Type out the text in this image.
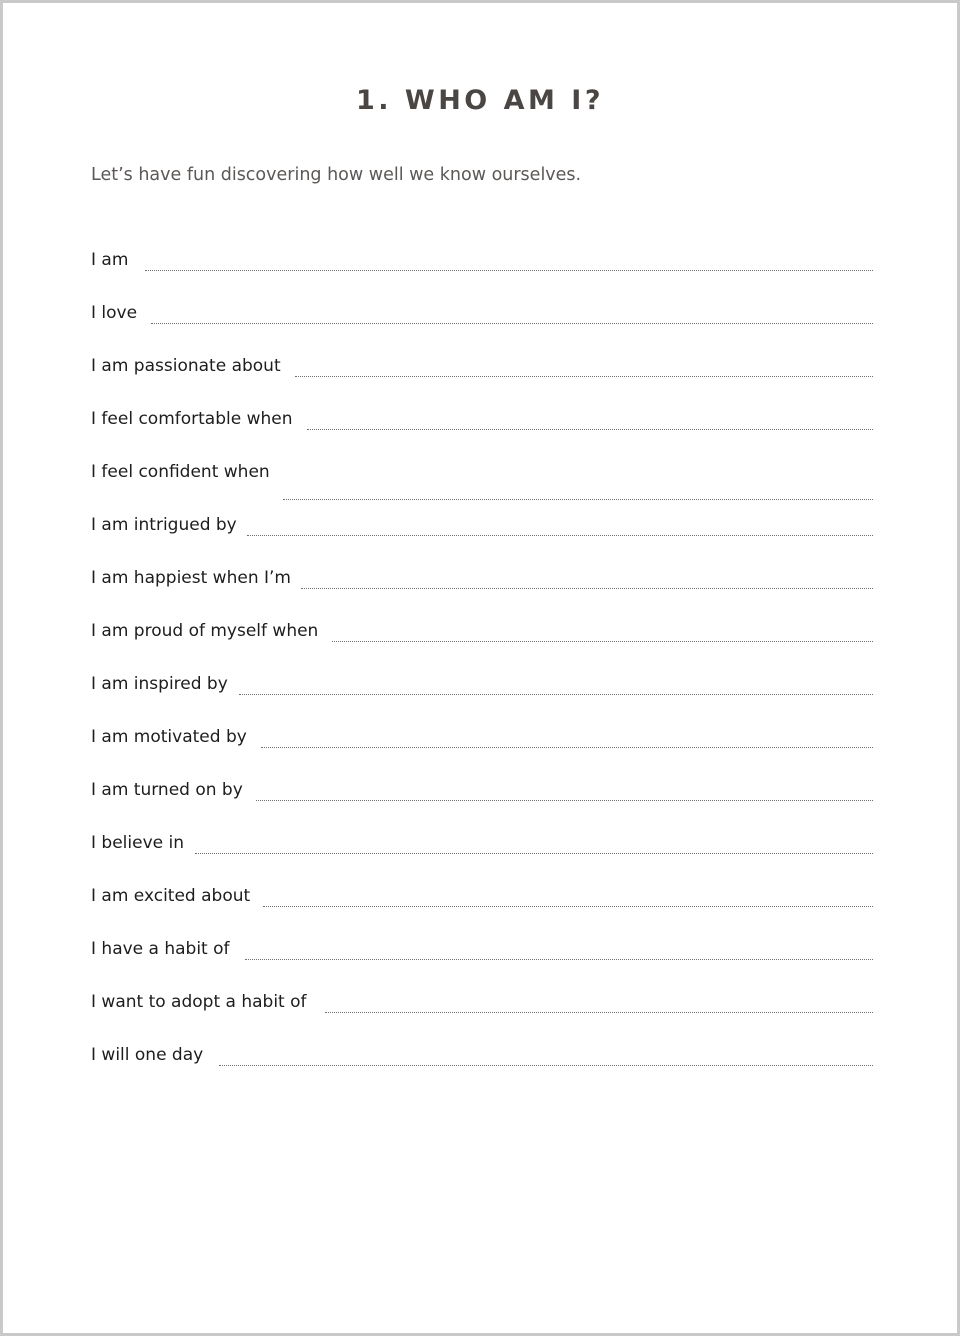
1. WHO AM I?

Let’s have fun discovering how well we know ourselves.

I am
I love
I am passionate about
I feel comfortable when
I feel confident when
I am intrigued by
I am happiest when I’m
I am proud of myself when
I am inspired by
I am motivated by
I am turned on by
I believe in
I am excited about
I have a habit of
I want to adopt a habit of
I will one day
